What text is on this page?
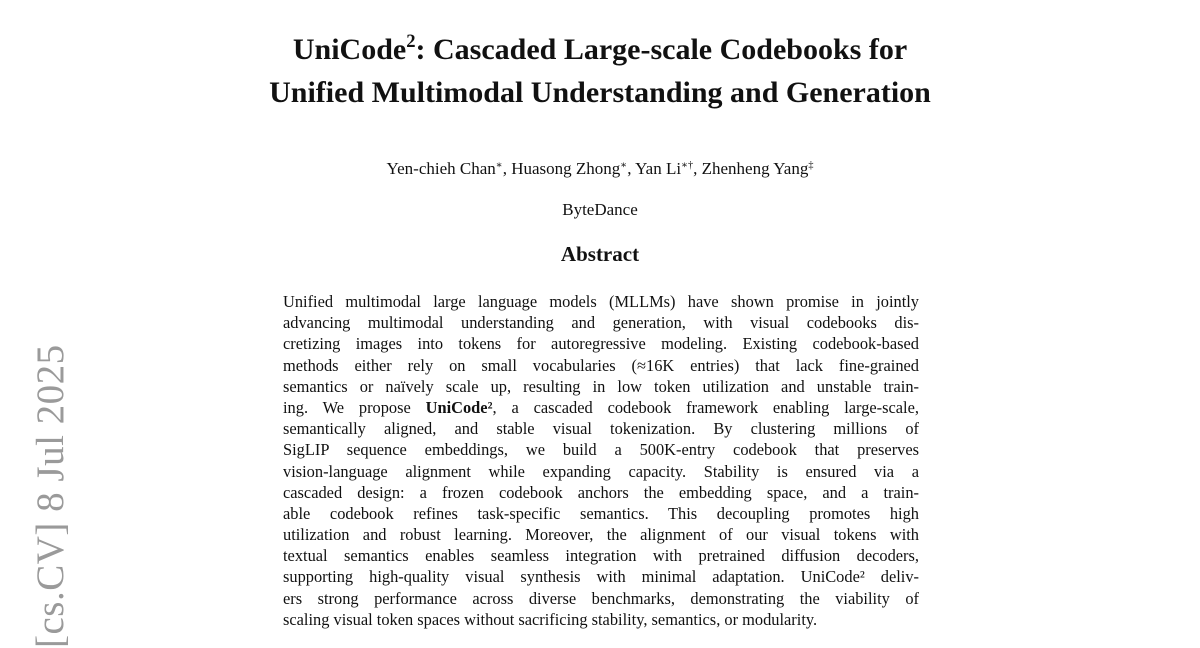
UniCode$^2$: Cascaded Large-scale Codebooks for
Unified Multimodal Understanding and Generation
Yen-chieh Chan∗, Huasong Zhong∗, Yan Li∗†, Zhenheng Yang‡
ByteDance
Abstract
Unified multimodal large language models (MLLMs) have shown promise in jointly
advancing multimodal understanding and generation, with visual codebooks dis-
cretizing images into tokens for autoregressive modeling. Existing codebook-based
methods either rely on small vocabularies (≈16K entries) that lack fine-grained
semantics or naïvely scale up, resulting in low token utilization and unstable train-
ing. We propose UniCode², a cascaded codebook framework enabling large-scale,
semantically aligned, and stable visual tokenization. By clustering millions of
SigLIP sequence embeddings, we build a 500K-entry codebook that preserves
vision-language alignment while expanding capacity. Stability is ensured via a
cascaded design: a frozen codebook anchors the embedding space, and a train-
able codebook refines task-specific semantics. This decoupling promotes high
utilization and robust learning. Moreover, the alignment of our visual tokens with
textual semantics enables seamless integration with pretrained diffusion decoders,
supporting high-quality visual synthesis with minimal adaptation. UniCode² deliv-
ers strong performance across diverse benchmarks, demonstrating the viability of
scaling visual token spaces without sacrificing stability, semantics, or modularity.
[cs.CV] 8 Jul 2025
